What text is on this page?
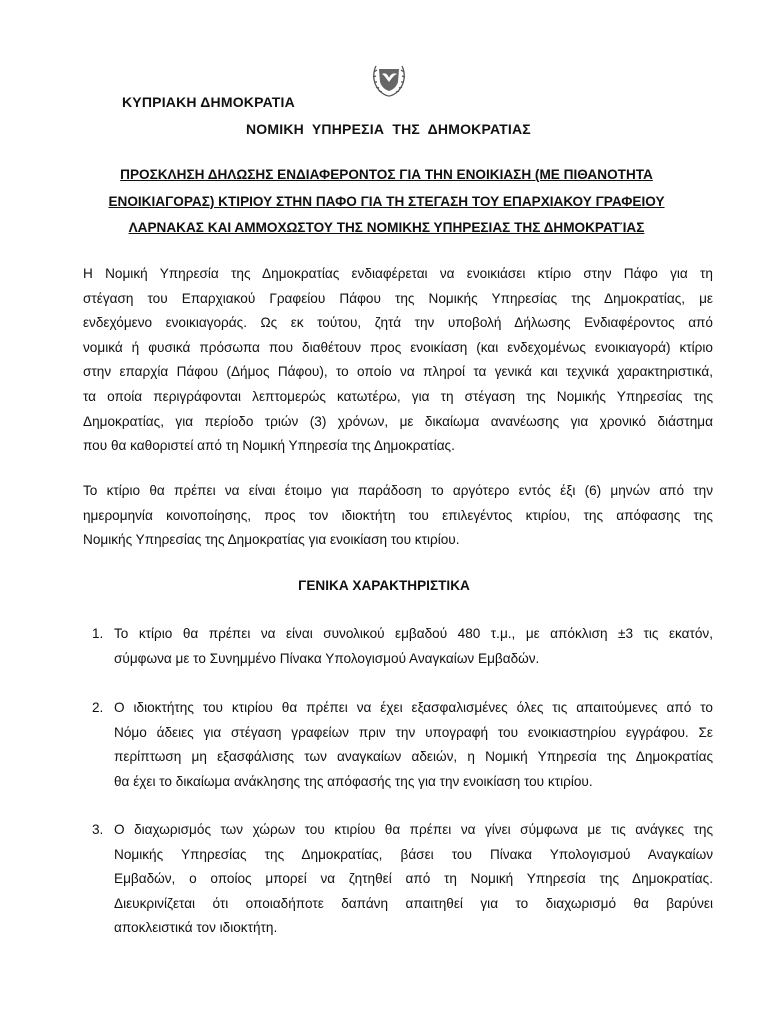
ΚΥΠΡΙΑΚΗ ΔΗΜΟΚΡΑΤΙΑ
ΝΟΜΙΚΗ  ΥΠΗΡΕΣΙΑ  ΤΗΣ  ΔΗΜΟΚΡΑΤΙΑΣ
ΠΡΟΣΚΛΗΣΗ ΔΗΛΩΣΗΣ ΕΝΔΙΑΦΕΡΟΝΤΟΣ ΓΙΑ ΤΗΝ ΕΝΟΙΚΙΑΣΗ (ΜΕ ΠΙΘΑΝΟΤΗΤΑ
ΕΝΟΙΚΙΑΓΟΡΑΣ) ΚΤΙΡΙΟΥ ΣΤΗΝ ΠΑΦΟ ΓΙΑ ΤΗ ΣΤΕΓΑΣΗ ΤΟΥ ΕΠΑΡΧΙΑΚΟΥ ΓΡΑΦΕΙΟΥ
ΛΑΡΝΑΚΑΣ ΚΑΙ ΑΜΜΟΧΩΣΤΟΥ ΤΗΣ ΝΟΜΙΚΗΣ ΥΠΗΡΕΣΙΑΣ ΤΗΣ ΔΗΜΟΚΡΑΤΊΑΣ
Η Νομική Υπηρεσία της Δημοκρατίας ενδιαφέρεται να ενοικιάσει κτίριο στην Πάφο για τη
στέγαση του Επαρχιακού Γραφείου Πάφου της Νομικής Υπηρεσίας της Δημοκρατίας, με
ενδεχόμενο ενοικιαγοράς. Ως εκ τούτου, ζητά την υποβολή Δήλωσης Ενδιαφέροντος από
νομικά ή φυσικά πρόσωπα που διαθέτουν προς ενοικίαση (και ενδεχομένως ενοικιαγορά) κτίριο
στην επαρχία Πάφου (Δήμος Πάφου), το οποίο να πληροί τα γενικά και τεχνικά χαρακτηριστικά,
τα οποία περιγράφονται λεπτομερώς κατωτέρω, για τη στέγαση της Νομικής Υπηρεσίας της
Δημοκρατίας, για περίοδο τριών (3) χρόνων, με δικαίωμα ανανέωσης για χρονικό διάστημα
που θα καθοριστεί από τη Νομική Υπηρεσία της Δημοκρατίας.
Το κτίριο θα πρέπει να είναι έτοιμο για παράδοση το αργότερο εντός έξι (6) μηνών από την
ημερομηνία κοινοποίησης, προς τον ιδιοκτήτη του επιλεγέντος κτιρίου, της απόφασης της
Νομικής Υπηρεσίας της Δημοκρατίας για ενοικίαση του κτιρίου.
ΓΕΝΙΚΑ ΧΑΡΑΚΤΗΡΙΣΤΙΚΑ
1. Το κτίριο θα πρέπει να είναι συνολικού εμβαδού 480 τ.μ., με απόκλιση ±3 τις εκατόν,
σύμφωνα με το Συνημμένο Πίνακα Υπολογισμού Αναγκαίων Εμβαδών.
2. Ο ιδιοκτήτης του κτιρίου θα πρέπει να έχει εξασφαλισμένες όλες τις απαιτούμενες από το
Νόμο άδειες για στέγαση γραφείων πριν την υπογραφή του ενοικιαστηρίου εγγράφου. Σε
περίπτωση μη εξασφάλισης των αναγκαίων αδειών, η Νομική Υπηρεσία της Δημοκρατίας
θα έχει το δικαίωμα ανάκλησης της απόφασής της για την ενοικίαση του κτιρίου.
3. Ο διαχωρισμός των χώρων του κτιρίου θα πρέπει να γίνει σύμφωνα με τις ανάγκες της
Νομικής Υπηρεσίας της Δημοκρατίας, βάσει του Πίνακα Υπολογισμού Αναγκαίων
Εμβαδών, ο οποίος μπορεί να ζητηθεί από τη Νομική Υπηρεσία της Δημοκρατίας.
Διευκρινίζεται ότι οποιαδήποτε δαπάνη απαιτηθεί για το διαχωρισμό θα βαρύνει
αποκλειστικά τον ιδιοκτήτη.
